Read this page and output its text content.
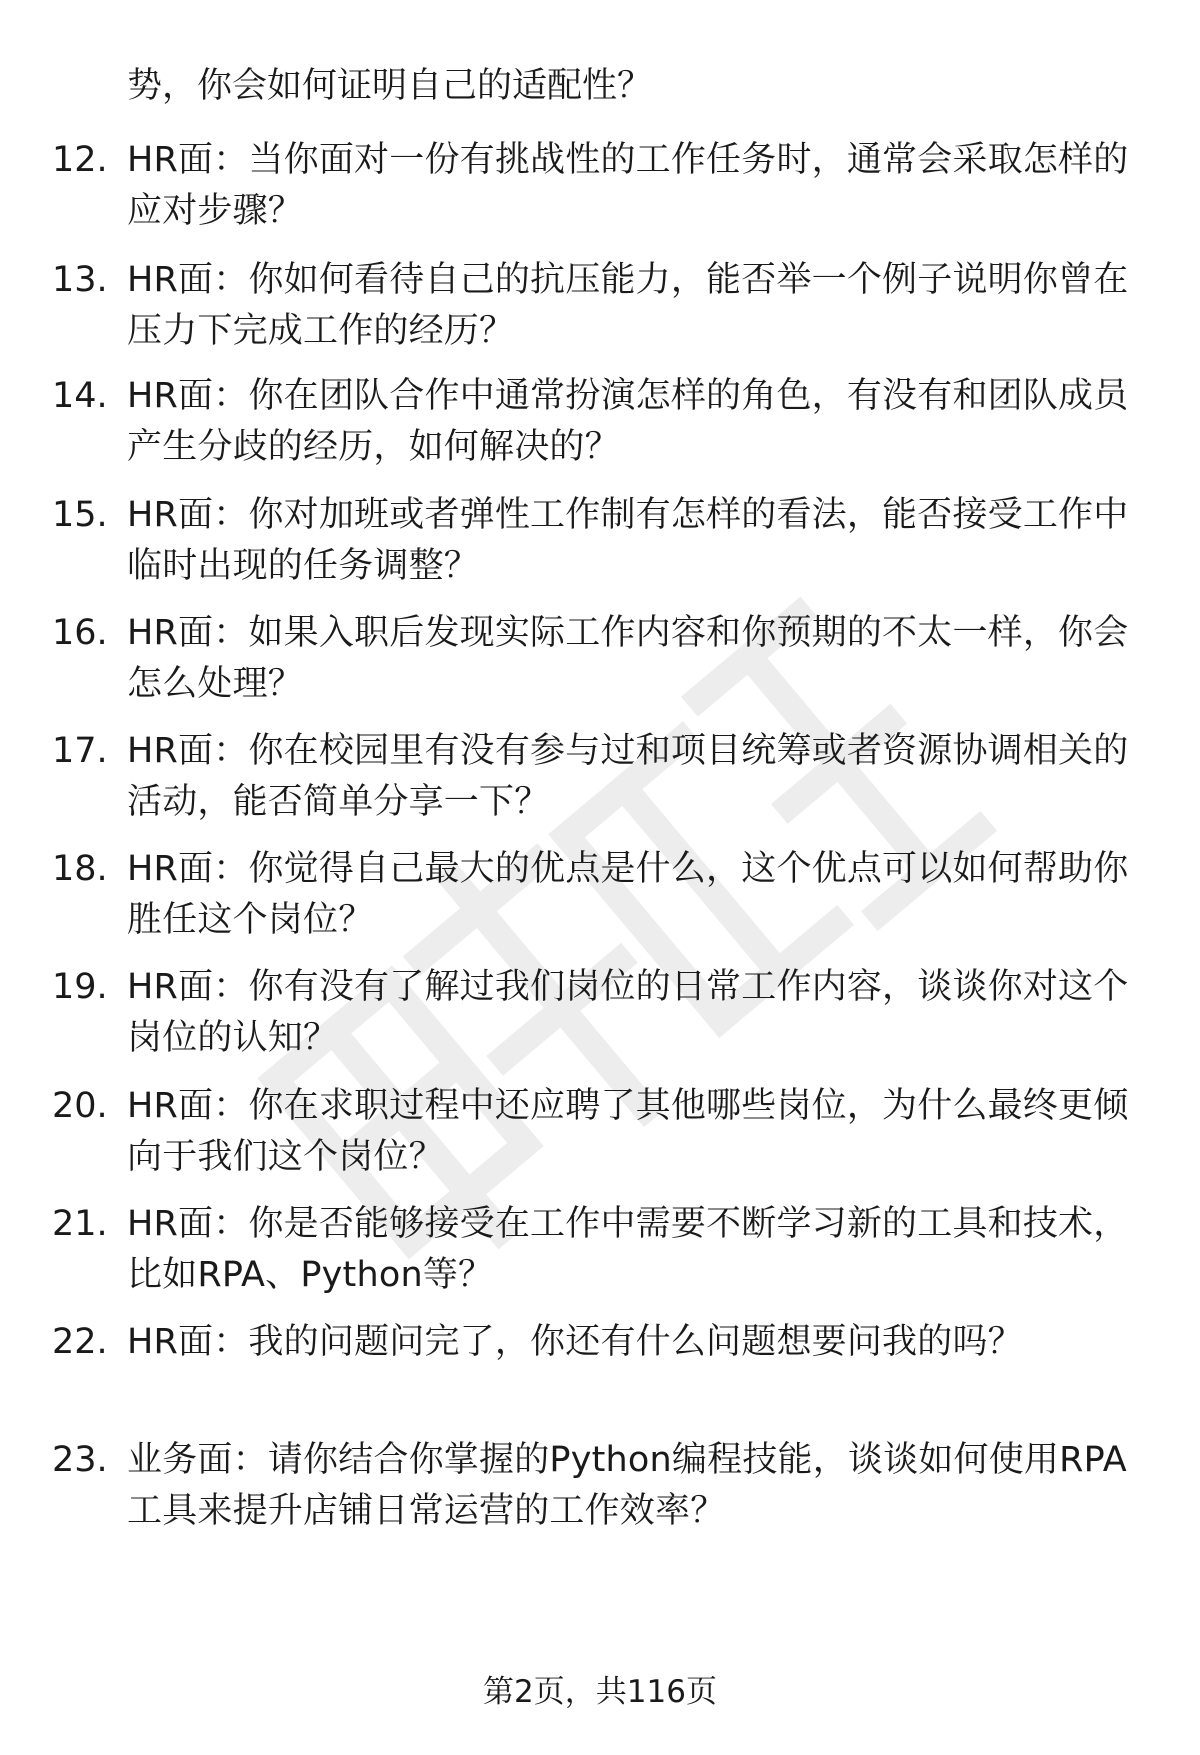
势，你会如何证明自己的适配性？
12. HR面：当你面对一份有挑战性的工作任务时，通常会采取怎样的
应对步骤？
13. HR面：你如何看待自己的抗压能力，能否举一个例子说明你曾在
压力下完成工作的经历？
14. HR面：你在团队合作中通常扮演怎样的角色，有没有和团队成员
产生分歧的经历，如何解决的？
15. HR面：你对加班或者弹性工作制有怎样的看法，能否接受工作中
临时出现的任务调整？
16. HR面：如果入职后发现实际工作内容和你预期的不太一样，你会
怎么处理？
17. HR面：你在校园里有没有参与过和项目统筹或者资源协调相关的
活动，能否简单分享一下？
18. HR面：你觉得自己最大的优点是什么，这个优点可以如何帮助你
胜任这个岗位？
19. HR面：你有没有了解过我们岗位的日常工作内容，谈谈你对这个
岗位的认知？
20. HR面：你在求职过程中还应聘了其他哪些岗位，为什么最终更倾
向于我们这个岗位？
21. HR面：你是否能够接受在工作中需要不断学习新的工具和技术，
比如RPA、Python等？
22. HR面：我的问题问完了，你还有什么问题想要问我的吗？
23. 业务面：请你结合你掌握的Python编程技能，谈谈如何使用RPA
工具来提升店铺日常运营的工作效率？
第2页，共116页
